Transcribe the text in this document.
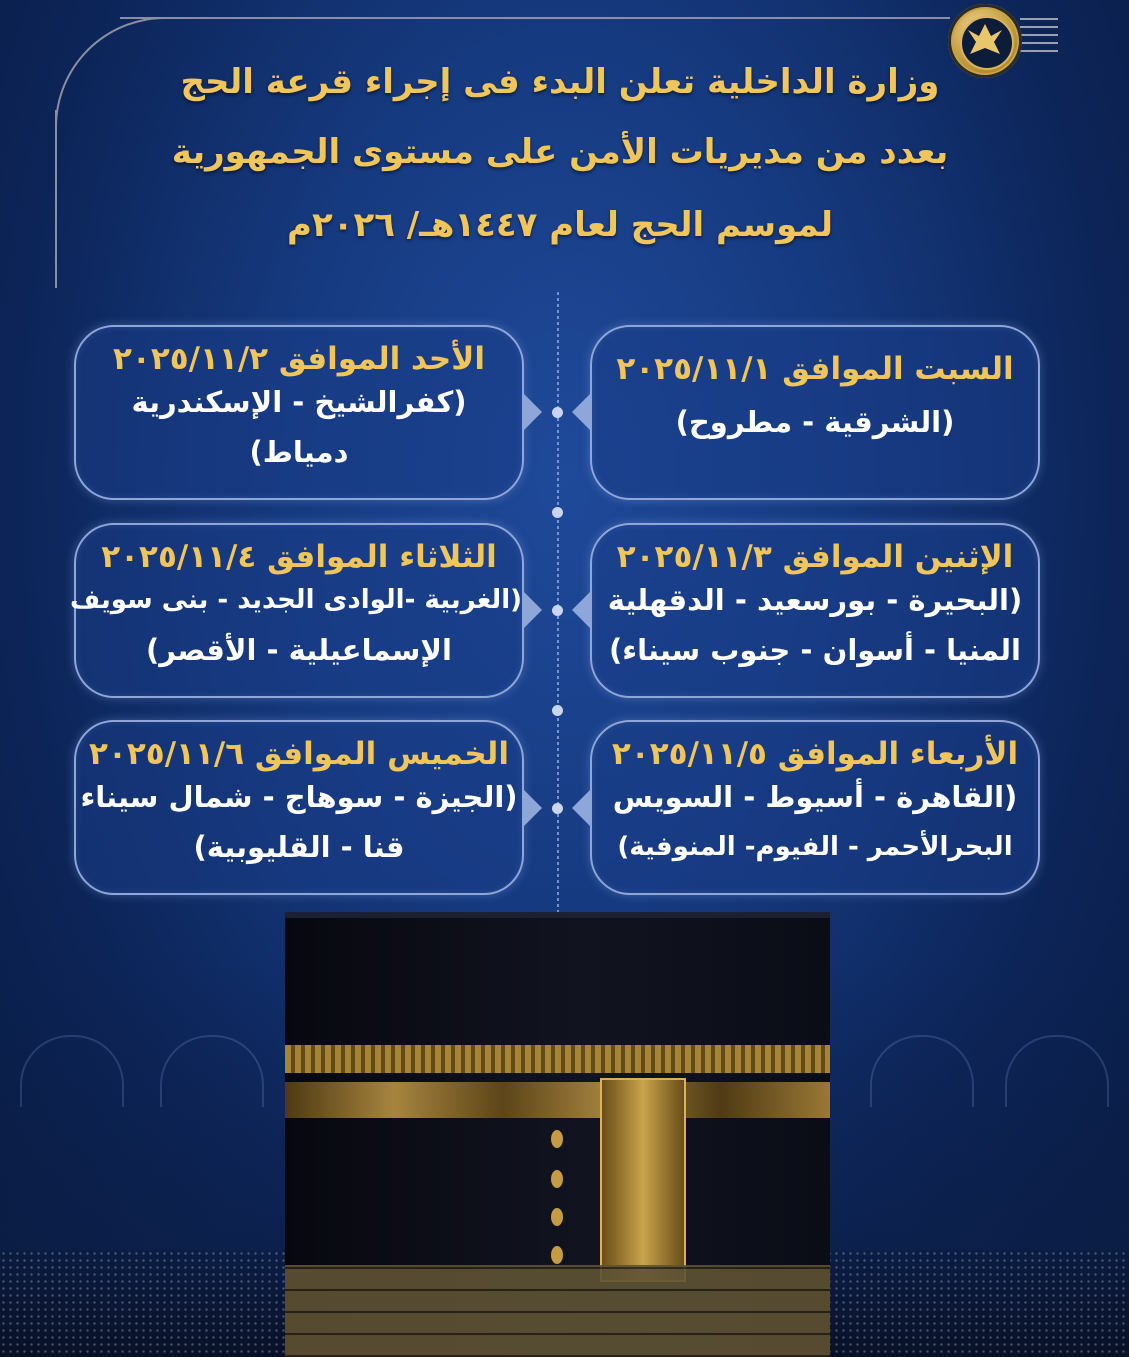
وزارة الداخلية تعلن البدء فى إجراء قرعة الحج
بعدد من مديريات الأمن على مستوى الجمهورية
لموسم الحج لعام ١٤٤٧هـ/ ٢٠٢٦م
السبت الموافق ٢٠٢٥/١١/١
(الشرقية - مطروح)
الأحد الموافق ٢٠٢٥/١١/٢
(كفرالشيخ - الإسكندرية
دمياط)
الإثنين الموافق ٢٠٢٥/١١/٣
(البحيرة - بورسعيد - الدقهلية
المنيا - أسوان - جنوب سيناء)
الثلاثاء الموافق ٢٠٢٥/١١/٤
(الغربية -الوادى الجديد - بنى سويف
الإسماعيلية - الأقصر)
الأربعاء الموافق ٢٠٢٥/١١/٥
(القاهرة - أسيوط - السويس
البحرالأحمر - الفيوم- المنوفية)
الخميس الموافق ٢٠٢٥/١١/٦
(الجيزة - سوهاج - شمال سيناء
قنا - القليوبية)
